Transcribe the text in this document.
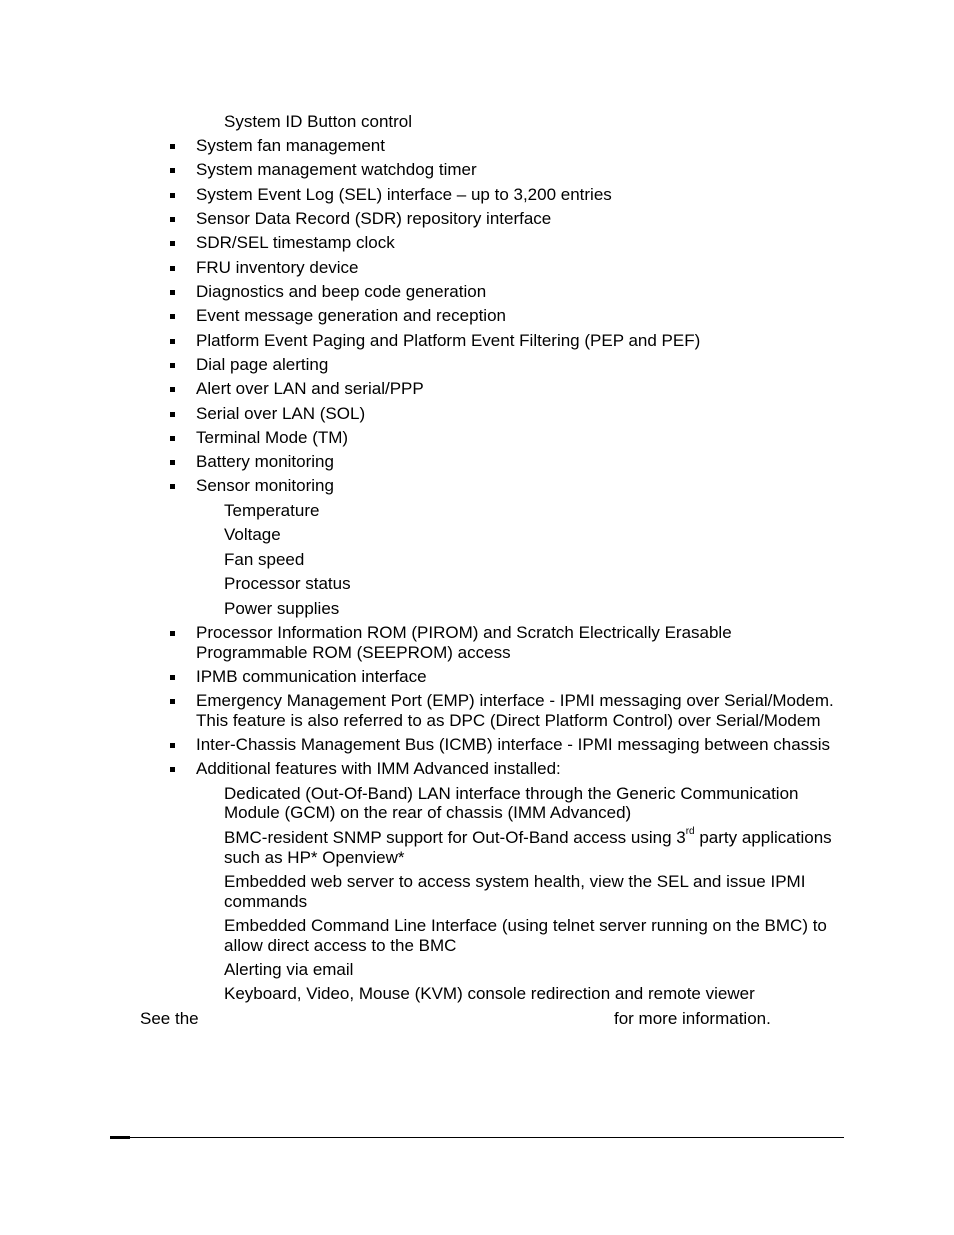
System ID Button control
System fan management
System management watchdog timer
System Event Log (SEL) interface – up to 3,200 entries
Sensor Data Record (SDR) repository interface
SDR/SEL timestamp clock
FRU inventory device
Diagnostics and beep code generation
Event message generation and reception
Platform Event Paging and Platform Event Filtering (PEP and PEF)
Dial page alerting
Alert over LAN and serial/PPP
Serial over LAN (SOL)
Terminal Mode (TM)
Battery monitoring
Sensor monitoring
Temperature
Voltage
Fan speed
Processor status
Power supplies
Processor Information ROM (PIROM) and Scratch Electrically Erasable
Programmable ROM (SEEPROM) access
IPMB communication interface
Emergency Management Port (EMP) interface - IPMI messaging over Serial/Modem.
This feature is also referred to as DPC (Direct Platform Control) over Serial/Modem
Inter-Chassis Management Bus (ICMB) interface - IPMI messaging between chassis
Additional features with IMM Advanced installed:
Dedicated (Out-Of-Band) LAN interface through the Generic Communication
Module (GCM) on the rear of chassis (IMM Advanced)
BMC-resident SNMP support for Out-Of-Band access using 3rd party applications
such as HP* Openview*
Embedded web server to access system health, view the SEL and issue IPMI
commands
Embedded Command Line Interface (using telnet server running on the BMC) to
allow direct access to the BMC
Alerting via email
Keyboard, Video, Mouse (KVM) console redirection and remote viewer
See the	for more information.
